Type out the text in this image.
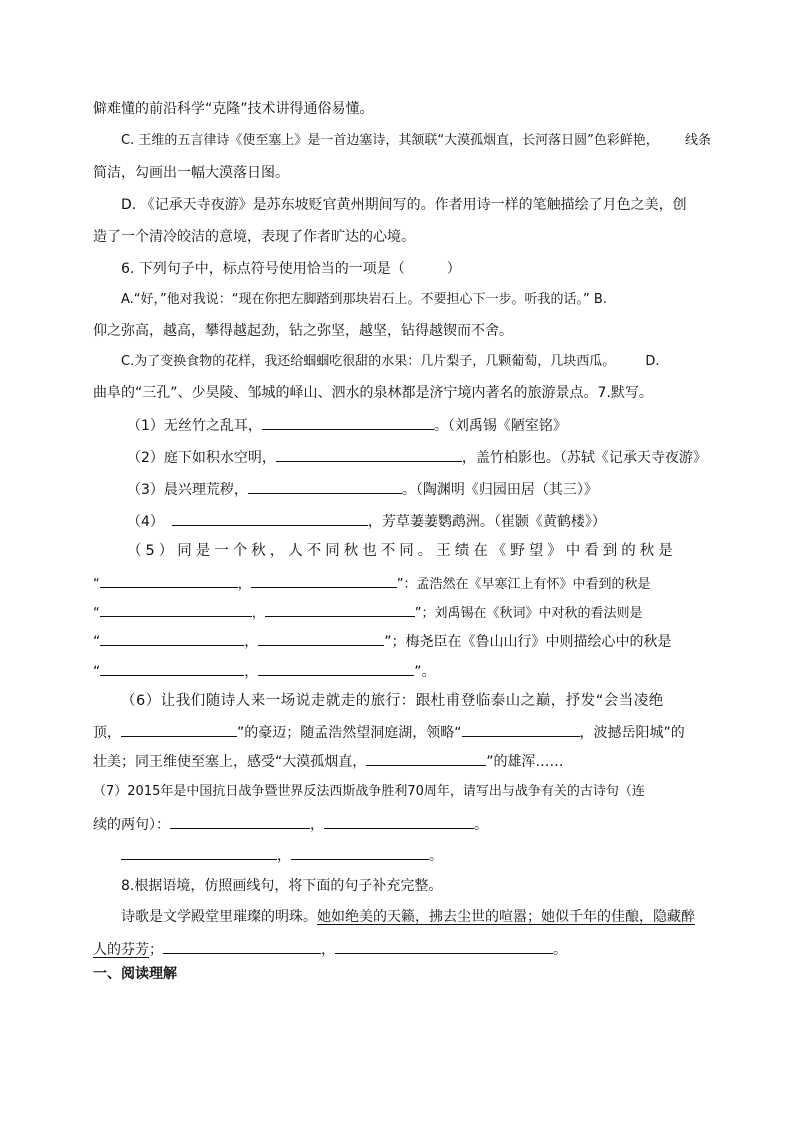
僻难懂的前沿科学“克隆”技术讲得通俗易懂。
C. 王维的五言律诗《使至塞上》是一首边塞诗，其颔联“大漠孤烟直，长河落日圆”色彩鲜艳， 线条
简洁，勾画出一幅大漠落日图。
D. 《记承天寺夜游》是苏东坡贬官黄州期间写的。作者用诗一样的笔触描绘了月色之美，创
造了一个清冷皎洁的意境，表现了作者旷达的心境。
6. 下列句子中，标点符号使用恰当的一项是（　　　）
A.“好，”他对我说：“现在你把左脚踏到那块岩石上。不要担心下一步。听我的话。” B.
仰之弥高，越高，攀得越起劲，钻之弥坚，越坚，钻得越锲而不舍。
C.为了变换食物的花样，我还给蝈蝈吃很甜的水果：几片梨子，几颗葡萄，几块西瓜。 D.
曲阜的“三孔”、少昊陵、邹城的峄山、泗水的泉林都是济宁境内著名的旅游景点。7.默写。
（1）无丝竹之乱耳，	。（刘禹锡《陋室铭》
（2）庭下如积水空明，	，盖竹柏影也。（苏轼《记承天寺夜游》
（3）晨兴理荒秽，	。（陶渊明《归园田居（其三）》
（4）	，芳草萋萋鹦鹉洲。（崔颢《黄鹤楼》）
（5）同是一个秋，人不同秋也不同。王绩在《野望》中看到的秋是
“	，	”：孟浩然在《早寒江上有怀》中看到的秋是
“	，	”；刘禹锡在《秋词》中对秋的看法则是
“	，	”；梅尧臣在《鲁山山行》中则描绘心中的秋是
“	，	”。
（6）让我们随诗人来一场说走就走的旅行：跟杜甫登临泰山之巅，抒发“会当凌绝
顶，	”的豪迈；随孟浩然望洞庭湖，领略“	，波撼岳阳城”的
壮美；同王维使至塞上，感受“大漠孤烟直，	”的雄浑……
（7）2015年是中国抗日战争暨世界反法西斯战争胜利70周年，请写出与战争有关的古诗句（连
续的两句）：	，	。
，	。
8.根据语境，仿照画线句，将下面的句子补充完整。
诗歌是文学殿堂里璀璨的明珠。她如绝美的天籁，拂去尘世的喧嚣；她似千年的佳酿，隐藏醉
人的芬芳；	，	。
一、阅读理解
